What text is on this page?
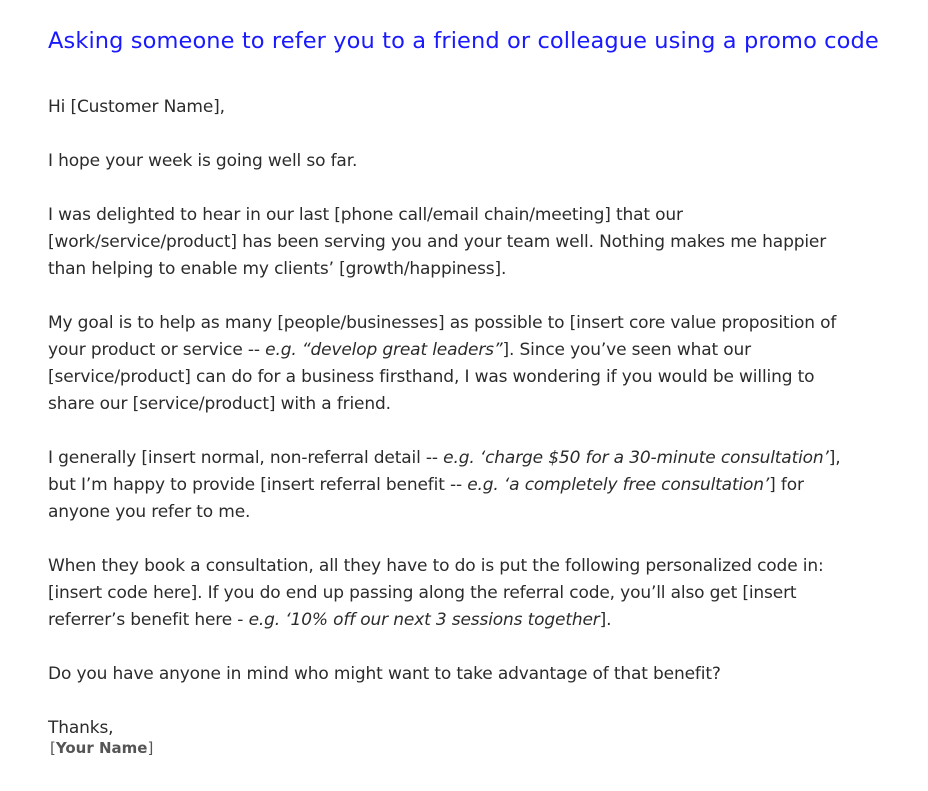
Asking someone to refer you to a friend or colleague using a promo code

Hi [Customer Name],

I hope your week is going well so far.

I was delighted to hear in our last [phone call/email chain/meeting] that our
[work/service/product] has been serving you and your team well. Nothing makes me happier
than helping to enable my clients’ [growth/happiness].

My goal is to help as many [people/businesses] as possible to [insert core value proposition of
your product or service -- e.g. “develop great leaders”]. Since you’ve seen what our
[service/product] can do for a business firsthand, I was wondering if you would be willing to
share our [service/product] with a friend.

I generally [insert normal, non-referral detail -- e.g. ‘charge $50 for a 30-minute consultation’],
but I’m happy to provide [insert referral benefit -- e.g. ‘a completely free consultation’] for
anyone you refer to me.

When they book a consultation, all they have to do is put the following personalized code in:
[insert code here]. If you do end up passing along the referral code, you’ll also get [insert
referrer’s benefit here - e.g. ‘10% off our next 3 sessions together].

Do you have anyone in mind who might want to take advantage of that benefit?

Thanks,

[Your Name]
